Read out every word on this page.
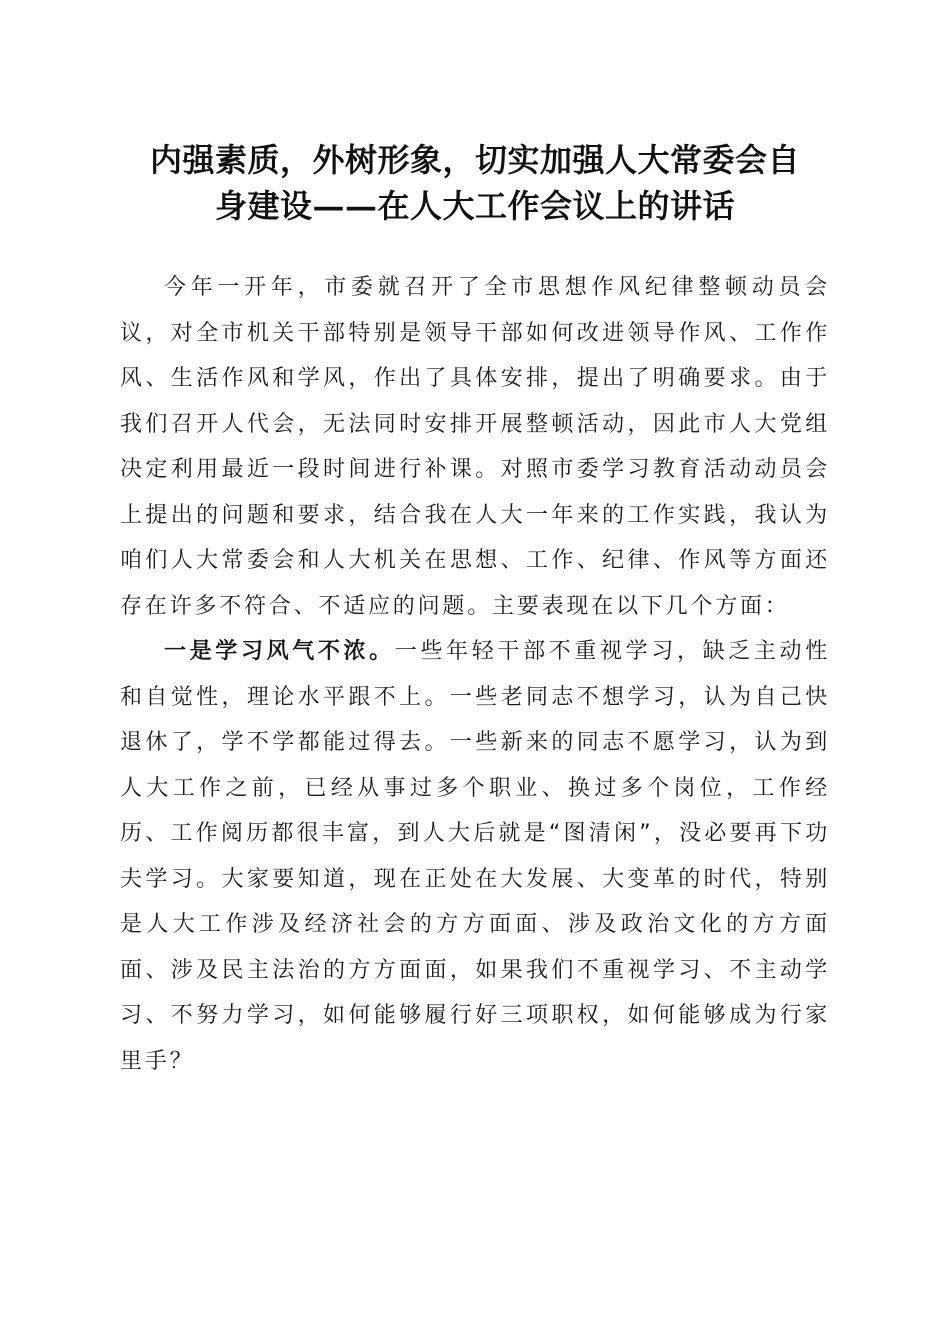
内强素质，外树形象，切实加强人大常委会自
身建设——在人大工作会议上的讲话

今年一开年，市委就召开了全市思想作风纪律整顿动员会议，对全市机关干部特别是领导干部如何改进领导作风、工作作风、生活作风和学风，作出了具体安排，提出了明确要求。由于我们召开人代会，无法同时安排开展整顿活动，因此市人大党组决定利用最近一段时间进行补课。对照市委学习教育活动动员会上提出的问题和要求，结合我在人大一年来的工作实践，我认为咱们人大常委会和人大机关在思想、工作、纪律、作风等方面还存在许多不符合、不适应的问题。主要表现在以下几个方面：

一是学习风气不浓。一些年轻干部不重视学习，缺乏主动性和自觉性，理论水平跟不上。一些老同志不想学习，认为自己快退休了，学不学都能过得去。一些新来的同志不愿学习，认为到人大工作之前，已经从事过多个职业、换过多个岗位，工作经历、工作阅历都很丰富，到人大后就是“图清闲”，没必要再下功夫学习。大家要知道，现在正处在大发展、大变革的时代，特别是人大工作涉及经济社会的方方面面、涉及政治文化的方方面面、涉及民主法治的方方面面，如果我们不重视学习、不主动学习、不努力学习，如何能够履行好三项职权，如何能够成为行家里手？
